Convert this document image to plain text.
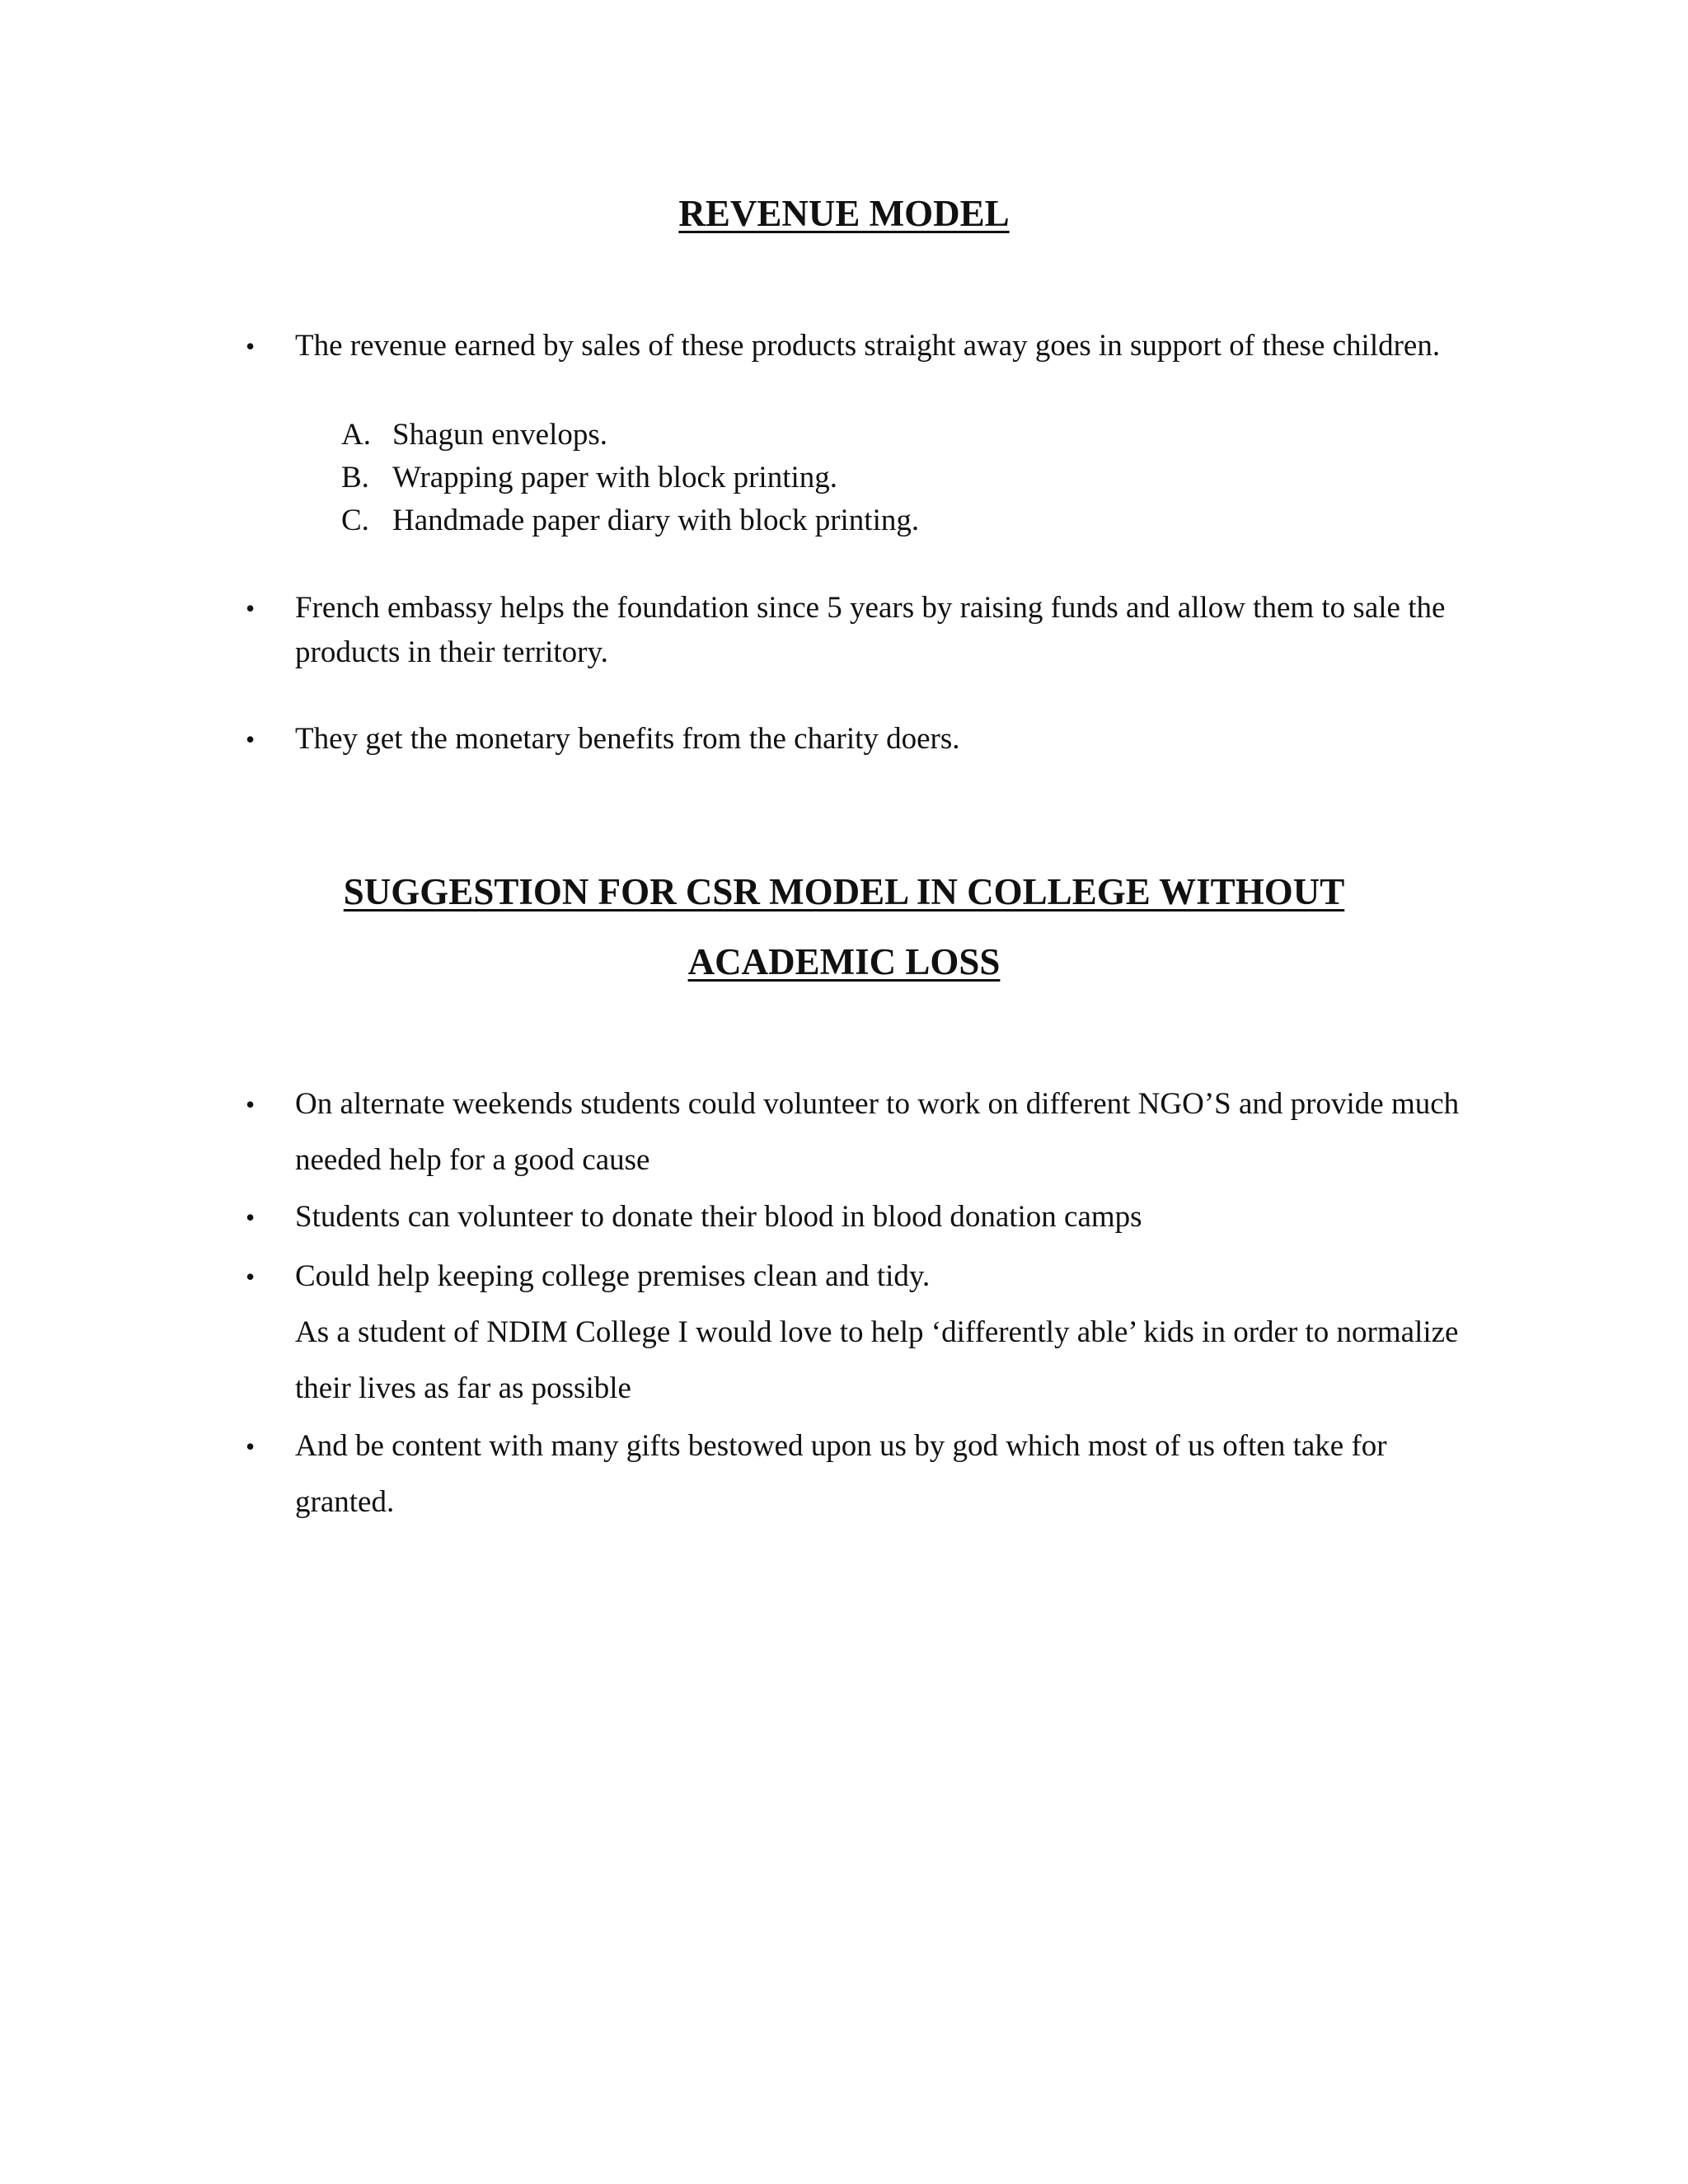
REVENUE MODEL

• The revenue earned by sales of these products straight away goes in support of these children.

A. Shagun envelops.
B. Wrapping paper with block printing.
C. Handmade paper diary with block printing.

• French embassy helps the foundation since 5 years by raising funds and allow them to sale the products in their territory.

• They get the monetary benefits from the charity doers.

SUGGESTION FOR CSR MODEL IN COLLEGE WITHOUT
ACADEMIC LOSS

• On alternate weekends students could volunteer to work on different NGO’S and provide much needed help for a good cause

• Students can volunteer to donate their blood in blood donation camps

• Could help keeping college premises clean and tidy.
As a student of NDIM College I would love to help ‘differently able’ kids in order to normalize their lives as far as possible

• And be content with many gifts bestowed upon us by god which most of us often take for granted.
